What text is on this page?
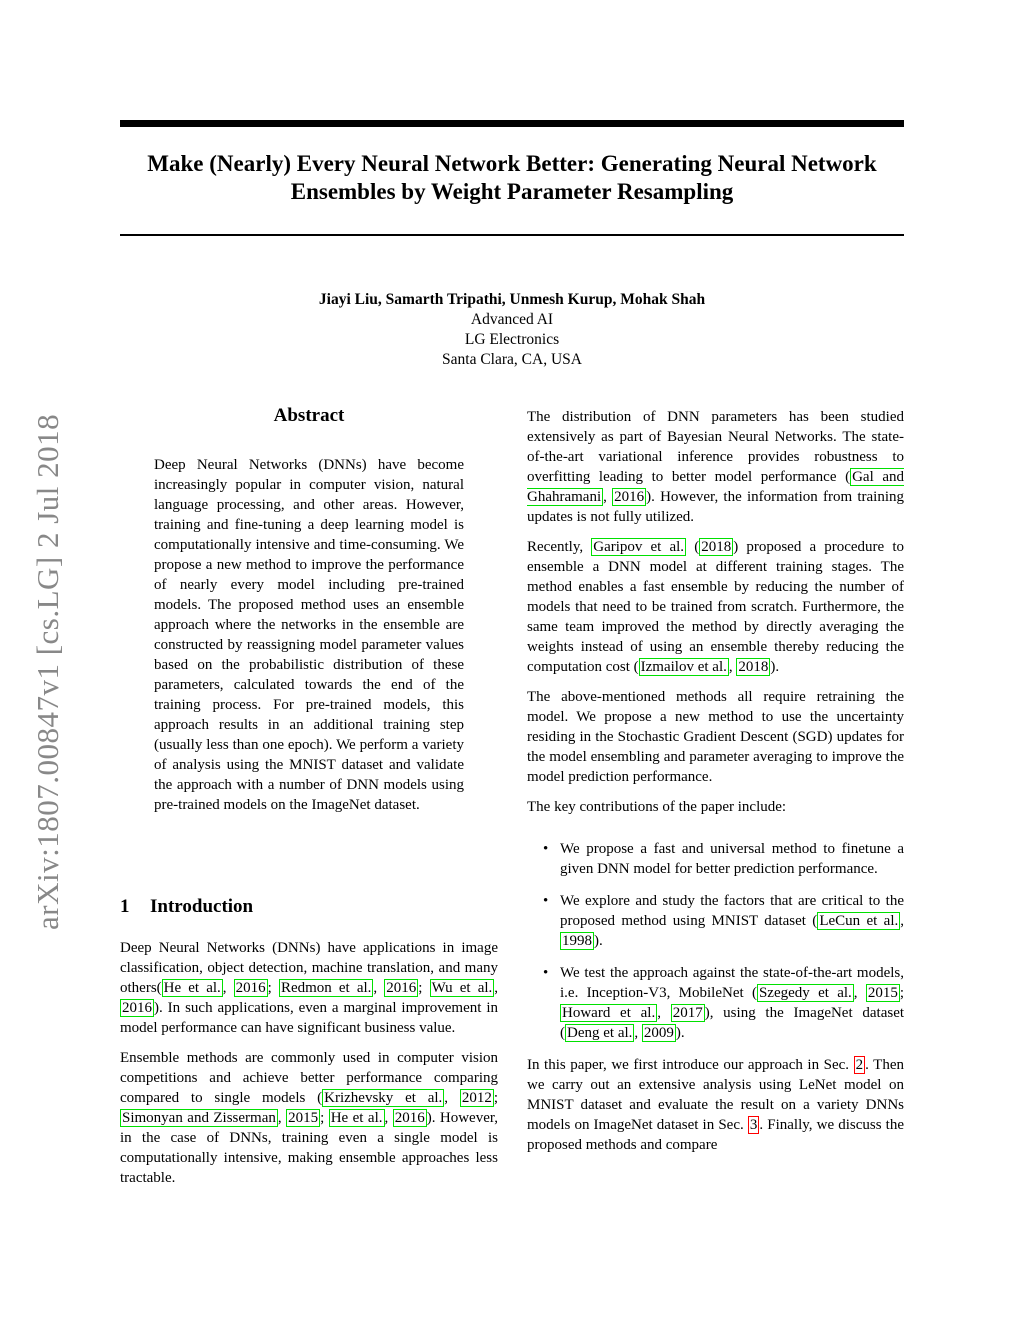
Make (Nearly) Every Neural Network Better: Generating Neural Network
Ensembles by Weight Parameter Resampling
Jiayi Liu, Samarth Tripathi, Unmesh Kurup, Mohak Shah
Advanced AI
LG Electronics
Santa Clara, CA, USA
arXiv:1807.00847v1 [cs.LG] 2 Jul 2018	Abstract
Deep Neural Networks (DNNs) have become increasingly popular in computer vision, natural language processing, and other areas. However, training and fine-tuning a deep learning model is computationally intensive and time-consuming. We propose a new method to improve the performance of nearly every model including pre-trained models. The proposed method uses an ensemble approach where the networks in the ensemble are constructed by reassigning model parameter values based on the probabilistic distribution of these parameters, calculated towards the end of the training process. For pre-trained models, this approach results in an additional training step (usually less than one epoch). We perform a variety of analysis using the MNIST dataset and validate the approach with a number of DNN models using pre-trained models on the ImageNet dataset.
1 Introduction

Deep Neural Networks (DNNs) have applications in image classification, object detection, machine translation, and many others( He et al. , 2016 ; Redmon et al. , 2016 ; Wu et al. , 2016 ). In such applications, even a marginal improvement in model performance can have significant business value.

Ensemble methods are commonly used in computer vision competitions and achieve better performance comparing compared to single models ( Krizhevsky et al. , 2012 ; Simonyan and Zisserman , 2015 ; He et al. , 2016 ). However, in the case of DNNs, training even a single model is computationally intensive, making ensemble approaches less tractable.

The distribution of DNN parameters has been studied extensively as part of Bayesian Neural Networks. The state-of-the-art variational inference provides robustness to overfitting leading to better model performance ( Gal and Ghahramani , 2016 ). However, the information from training updates is not fully utilized.

Recently, Garipov et al. ( 2018 ) proposed a procedure to ensemble a DNN model at different training stages. The method enables a fast ensemble by reducing the number of models that need to be trained from scratch. Furthermore, the same team improved the method by directly averaging the weights instead of using an ensemble thereby reducing the computation cost ( Izmailov et al. , 2018 ).

The above-mentioned methods all require retraining the model. We propose a new method to use the uncertainty residing in the Stochastic Gradient Descent (SGD) updates for the model ensembling and parameter averaging to improve the model prediction performance.

The key contributions of the paper include:

• We propose a fast and universal method to finetune a given DNN model for better prediction performance.
• We explore and study the factors that are critical to the proposed method using MNIST dataset ( LeCun et al. , 1998 ).
• We test the approach against the state-of-the-art models, i.e. Inception-V3, MobileNet ( Szegedy et al. , 2015 ; Howard et al. , 2017 ), using the ImageNet dataset ( Deng et al. , 2009 ).

In this paper, we first introduce our approach in Sec. 2 . Then we carry out an extensive analysis using LeNet model on MNIST dataset and evaluate the result on a variety DNNs models on ImageNet dataset in Sec. 3 . Finally, we discuss the proposed methods and compare
